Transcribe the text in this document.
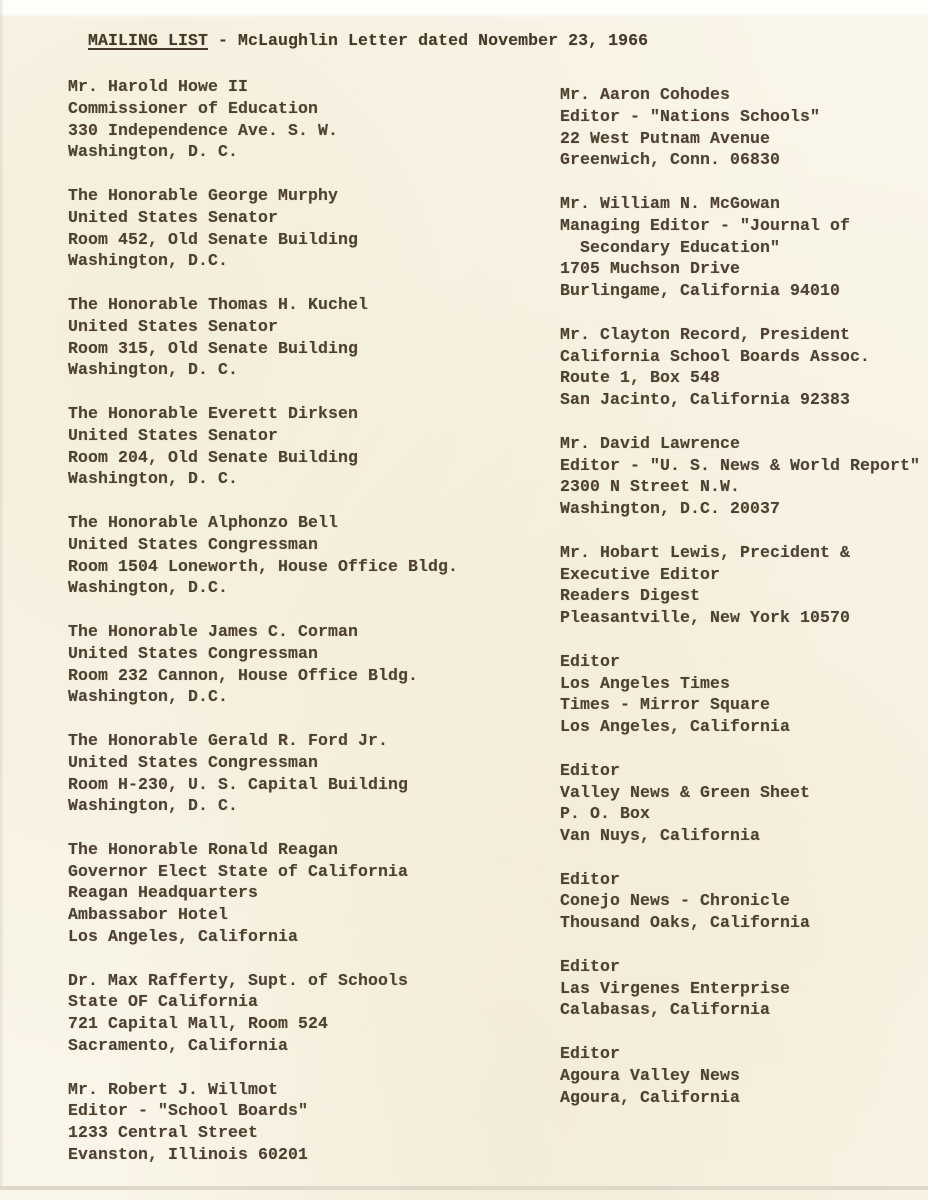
MAILING LIST - McLaughlin Letter dated November 23, 1966
Mr. Harold Howe II
Commissioner of Education
330 Independence Ave. S. W.
Washington, D. C.
The Honorable George Murphy
United States Senator
Room 452, Old Senate Building
Washington, D.C.
The Honorable Thomas H. Kuchel
United States Senator
Room 315, Old Senate Building
Washington, D. C.
The Honorable Everett Dirksen
United States Senator
Room 204, Old Senate Building
Washington, D. C.
The Honorable Alphonzo Bell
United States Congressman
Room 1504 Loneworth, House Office Bldg.
Washington, D.C.
The Honorable James C. Corman
United States Congressman
Room 232 Cannon, House Office Bldg.
Washington, D.C.
The Honorable Gerald R. Ford Jr.
United States Congressman
Room H-230, U. S. Capital Building
Washington, D. C.
The Honorable Ronald Reagan
Governor Elect State of California
Reagan Headquarters
Ambassabor Hotel
Los Angeles, California
Dr. Max Rafferty, Supt. of Schools
State OF California
721 Capital Mall, Room 524
Sacramento, California
Mr. Robert J. Willmot
Editor - "School Boards"
1233 Central Street
Evanston, Illinois 60201
Mr. Aaron Cohodes
Editor - "Nations Schools"
22 West Putnam Avenue
Greenwich, Conn. 06830
Mr. William N. McGowan
Managing Editor - "Journal of
Secondary Education"
1705 Muchson Drive
Burlingame, California 94010
Mr. Clayton Record, President
California School Boards Assoc.
Route 1, Box 548
San Jacinto, California 92383
Mr. David Lawrence
Editor - "U. S. News & World Report"
2300 N Street N.W.
Washington, D.C. 20037
Mr. Hobart Lewis, Precident &
Executive Editor
Readers Digest
Pleasantville, New York 10570
Editor
Los Angeles Times
Times - Mirror Square
Los Angeles, California
Editor
Valley News & Green Sheet
P. O. Box
Van Nuys, California
Editor
Conejo News - Chronicle
Thousand Oaks, California
Editor
Las Virgenes Enterprise
Calabasas, California
Editor
Agoura Valley News
Agoura, California
